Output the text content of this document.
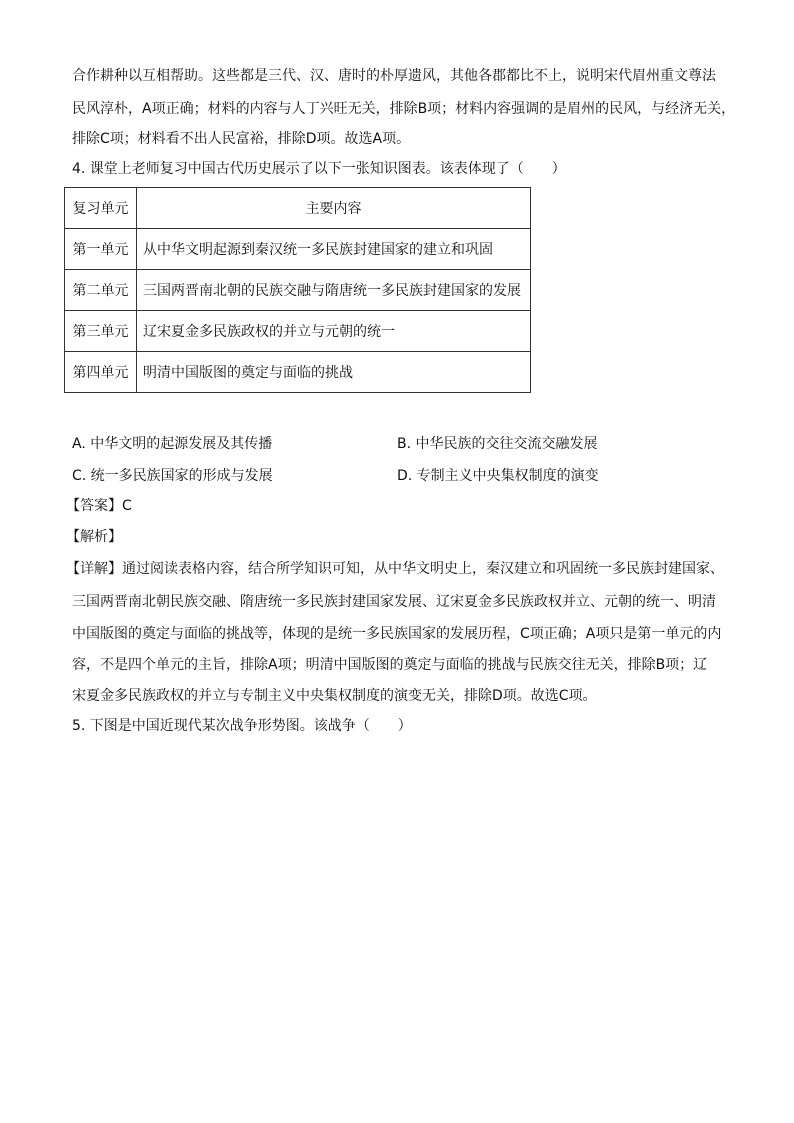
合作耕种以互相帮助。这些都是三代、汉、唐时的朴厚遗风，其他各郡都比不上，说明宋代眉州重文尊法
民风淳朴，A项正确；材料的内容与人丁兴旺无关，排除B项；材料内容强调的是眉州的民风，与经济无关，
排除C项；材料看不出人民富裕，排除D项。故选A项。
4. 课堂上老师复习中国古代历史展示了以下一张知识图表。该表体现了（　　）
复习单元	主要内容
第一单元	从中华文明起源到秦汉统一多民族封建国家的建立和巩固
第二单元	三国两晋南北朝的民族交融与隋唐统一多民族封建国家的发展
第三单元	辽宋夏金多民族政权的并立与元朝的统一
第四单元	明清中国版图的奠定与面临的挑战
A. 中华文明的起源发展及其传播	B. 中华民族的交往交流交融发展
C. 统一多民族国家的形成与发展	D. 专制主义中央集权制度的演变
【答案】C
【解析】
【详解】通过阅读表格内容，结合所学知识可知，从中华文明史上，秦汉建立和巩固统一多民族封建国家、
三国两晋南北朝民族交融、隋唐统一多民族封建国家发展、辽宋夏金多民族政权并立、元朝的统一、明清
中国版图的奠定与面临的挑战等，体现的是统一多民族国家的发展历程，C项正确；A项只是第一单元的内
容，不是四个单元的主旨，排除A项；明清中国版图的奠定与面临的挑战与民族交往无关，排除B项；辽
宋夏金多民族政权的并立与专制主义中央集权制度的演变无关，排除D项。故选C项。
5. 下图是中国近现代某次战争形势图。该战争（　　）
